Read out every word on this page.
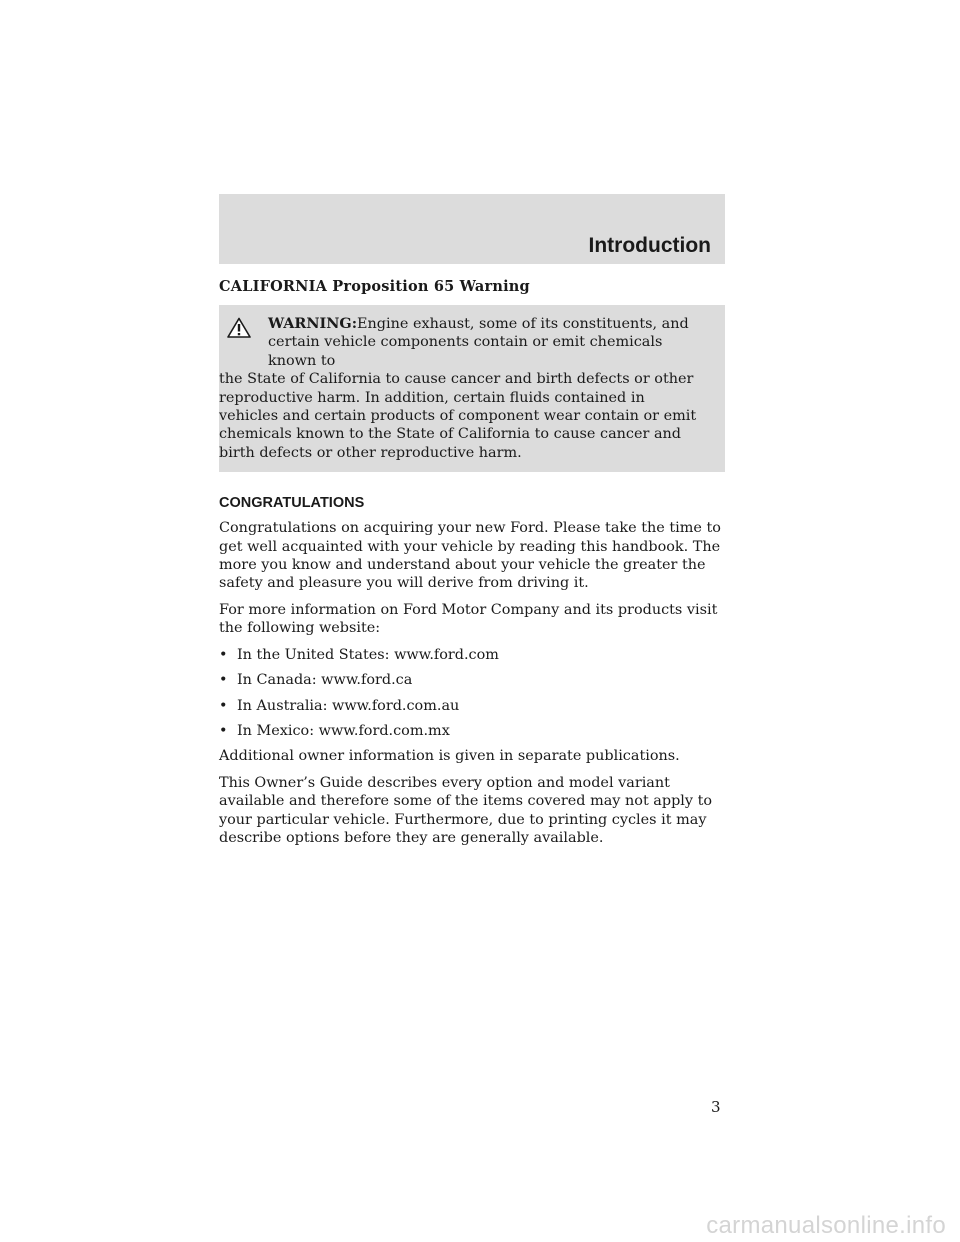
Introduction
CALIFORNIA Proposition 65 Warning
WARNING:Engine exhaust, some of its constituents, and
certain vehicle components contain or emit chemicals known to
the State of California to cause cancer and birth defects or other reproductive harm. In addition, certain fluids contained in vehicles and certain products of component wear contain or emit chemicals known to the State of California to cause cancer and birth defects or other reproductive harm.
CONGRATULATIONS

Congratulations on acquiring your new Ford. Please take the time to get well acquainted with your vehicle by reading this handbook. The more you know and understand about your vehicle the greater the safety and pleasure you will derive from driving it.

For more information on Ford Motor Company and its products visit the following website:

• In the United States: www.ford.com
• In Canada: www.ford.ca
• In Australia: www.ford.com.au
• In Mexico: www.ford.com.mx

Additional owner information is given in separate publications.

This Owner’s Guide describes every option and model variant available and therefore some of the items covered may not apply to your particular vehicle. Furthermore, due to printing cycles it may describe options before they are generally available.

3
carmanualsonline.info
